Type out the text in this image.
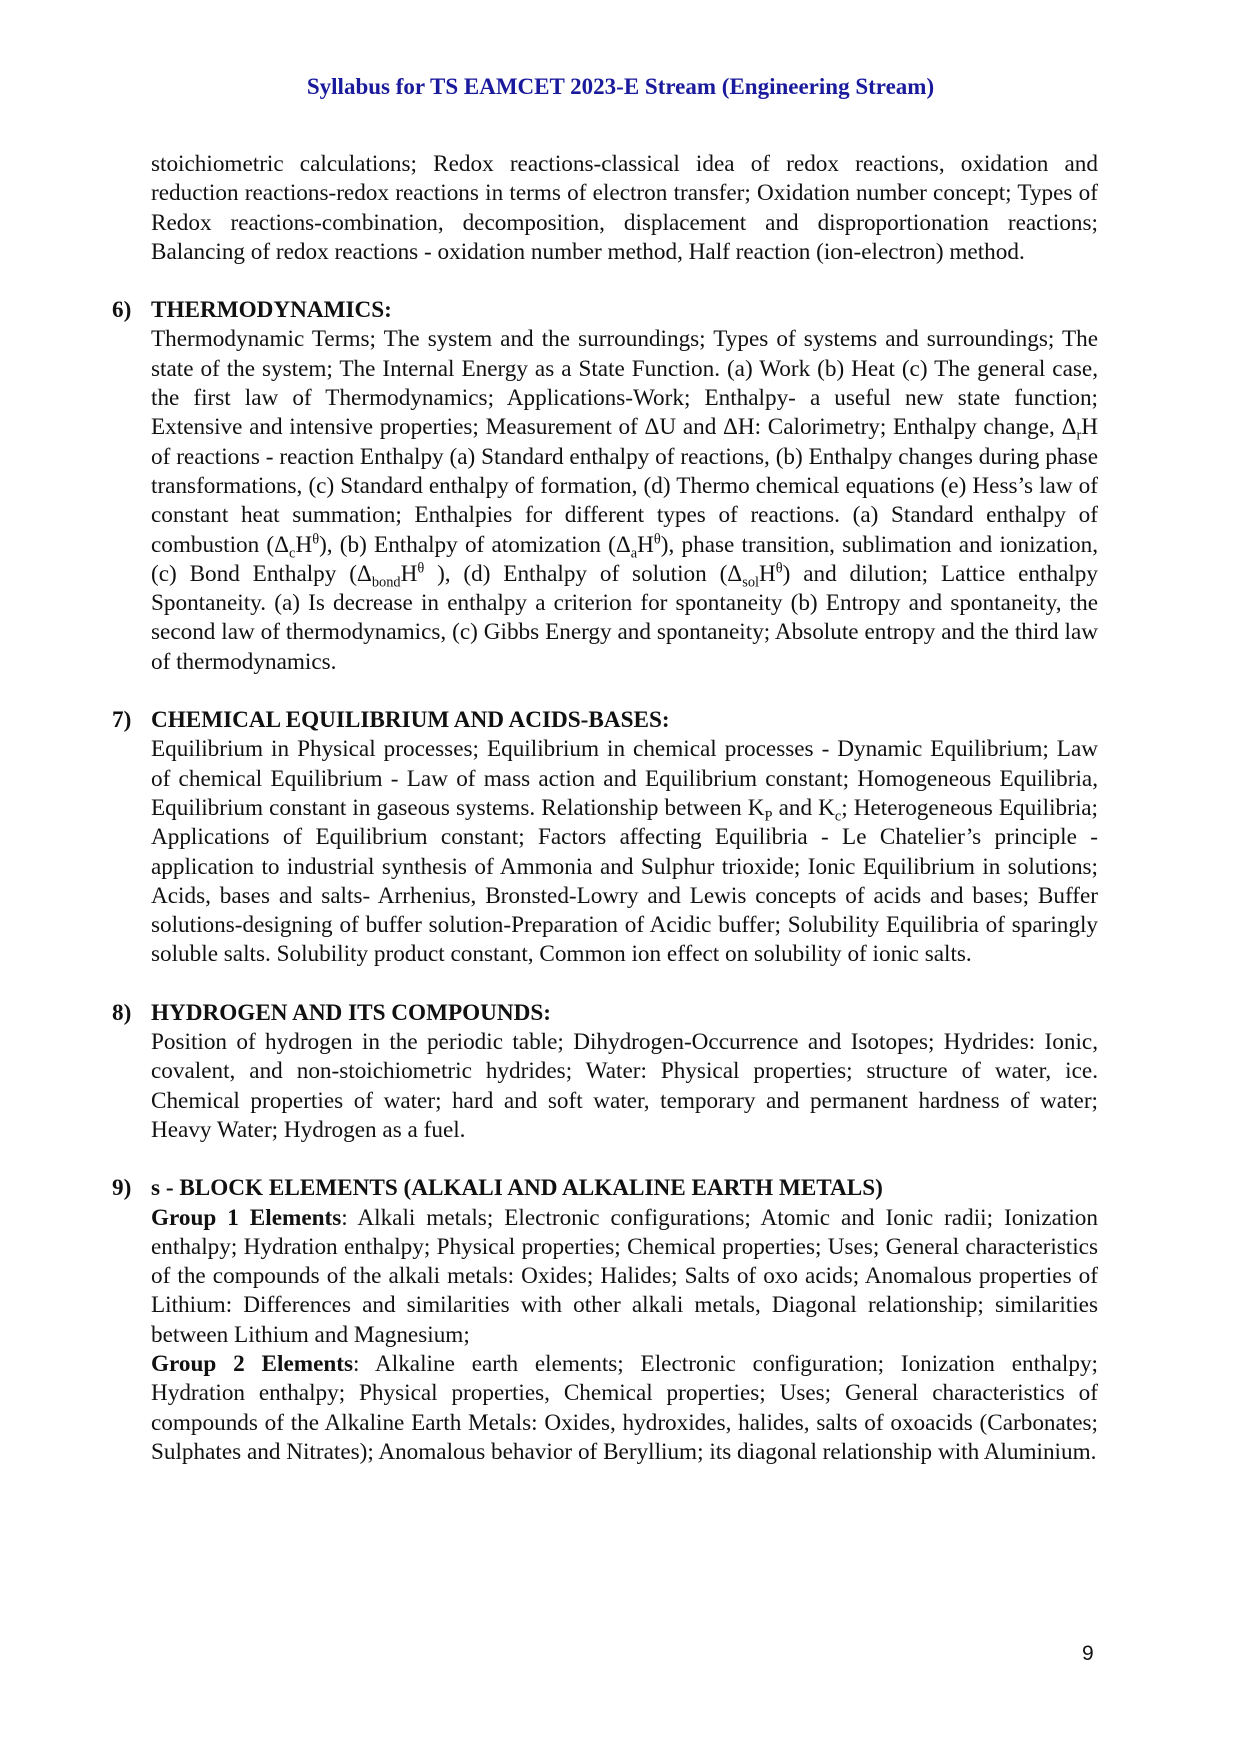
Syllabus for TS EAMCET 2023-E Stream (Engineering Stream)

stoichiometric calculations; Redox reactions-classical idea of redox reactions, oxidation and reduction reactions-redox reactions in terms of electron transfer; Oxidation number concept; Types of Redox reactions-combination, decomposition, displacement and disproportionation reactions; Balancing of redox reactions - oxidation number method, Half reaction (ion-electron) method.

6) THERMODYNAMICS:

Thermodynamic Terms; The system and the surroundings; Types of systems and surroundings; The state of the system; The Internal Energy as a State Function. (a) Work (b) Heat (c) The general case, the first law of Thermodynamics; Applications-Work; Enthalpy- a useful new state function; Extensive and intensive properties; Measurement of ΔU and ΔH: Calorimetry; Enthalpy change, $\Delta_rH$ of reactions - reaction Enthalpy (a) Standard enthalpy of reactions, (b) Enthalpy changes during phase transformations, (c) Standard enthalpy of formation, (d) Thermo chemical equations (e) Hess’s law of constant heat summation; Enthalpies for different types of reactions. (a) Standard enthalpy of combustion $(\Delta_cH^\theta)$, (b) Enthalpy of atomization $(\Delta_aH^\theta)$, phase transition, sublimation and ionization, (c) Bond Enthalpy ($\Delta_{bond}H^\theta$ ), (d) Enthalpy of solution $(\Delta_{sol}H^\theta)$ and dilution; Lattice enthalpy Spontaneity. (a) Is decrease in enthalpy a criterion for spontaneity (b) Entropy and spontaneity, the second law of thermodynamics, (c) Gibbs Energy and spontaneity; Absolute entropy and the third law of thermodynamics.

7) CHEMICAL EQUILIBRIUM AND ACIDS-BASES:

Equilibrium in Physical processes; Equilibrium in chemical processes - Dynamic Equilibrium; Law of chemical Equilibrium - Law of mass action and Equilibrium constant; Homogeneous Equilibria, Equilibrium constant in gaseous systems. Relationship between $K_P$ and $K_c$; Heterogeneous Equilibria; Applications of Equilibrium constant; Factors affecting Equilibria - Le Chatelier’s principle - application to industrial synthesis of Ammonia and Sulphur trioxide; Ionic Equilibrium in solutions; Acids, bases and salts- Arrhenius, Bronsted-Lowry and Lewis concepts of acids and bases; Buffer solutions-designing of buffer solution-Preparation of Acidic buffer; Solubility Equilibria of sparingly soluble salts. Solubility product constant, Common ion effect on solubility of ionic salts.

8) HYDROGEN AND ITS COMPOUNDS:

Position of hydrogen in the periodic table; Dihydrogen-Occurrence and Isotopes; Hydrides: Ionic, covalent, and non-stoichiometric hydrides; Water: Physical properties; structure of water, ice. Chemical properties of water; hard and soft water, temporary and permanent hardness of water; Heavy Water; Hydrogen as a fuel.

9) s - BLOCK ELEMENTS (ALKALI AND ALKALINE EARTH METALS)

Group 1 Elements: Alkali metals; Electronic configurations; Atomic and Ionic radii; Ionization enthalpy; Hydration enthalpy; Physical properties; Chemical properties; Uses; General characteristics of the compounds of the alkali metals: Oxides; Halides; Salts of oxo acids; Anomalous properties of Lithium: Differences and similarities with other alkali metals, Diagonal relationship; similarities between Lithium and Magnesium;

Group 2 Elements: Alkaline earth elements; Electronic configuration; Ionization enthalpy; Hydration enthalpy; Physical properties, Chemical properties; Uses; General characteristics of compounds of the Alkaline Earth Metals: Oxides, hydroxides, halides, salts of oxoacids (Carbonates; Sulphates and Nitrates); Anomalous behavior of Beryllium; its diagonal relationship with Aluminium.

9
